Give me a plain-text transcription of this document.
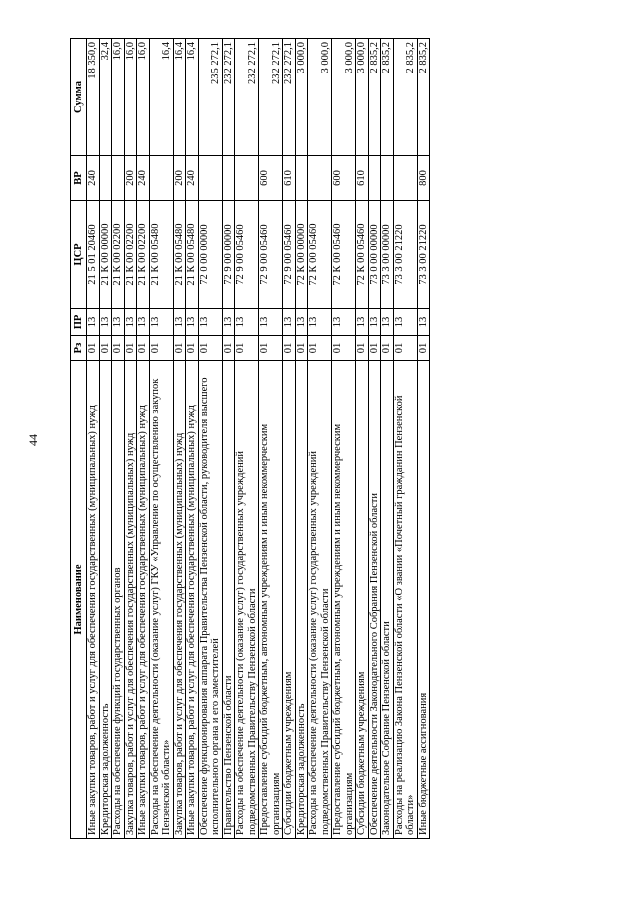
44
Наименование	Рз	ПР	ЦСР	ВР	Сумма
Иные закупки товаров, работ и услуг для обеспечения государственных (муниципальных) нужд	01	13	21 5 01 20460	240	18 350,0
Кредиторская задолженность	01	13	21 К 00 00000		32,4
Расходы на обеспечение функций государственных органов	01	13	21 К 00 02200		16,0
Закупка товаров, работ и услуг для обеспечения государственных (муниципальных) нужд	01	13	21 К 00 02200	200	16,0
Иные закупки товаров, работ и услуг для обеспечения государственных (муниципальных) нужд	01	13	21 К 00 02200	240	16,0
Расходы на обеспечение деятельности (оказание услуг) ГКУ «Управление по осуществлению закупок Пензенской области»	01	13	21 К 00 05480		16,4
Закупка товаров, работ и услуг для обеспечения государственных (муниципальных) нужд	01	13	21 К 00 05480	200	16,4
Иные закупки товаров, работ и услуг для обеспечения государственных (муниципальных) нужд	01	13	21 К 00 05480	240	16,4
Обеспечение функционирования аппарата Правительства Пензенской области, руководителя высшего исполнительного органа и его заместителей	01	13	72 0 00 00000		235 272,1
Правительство Пензенской области	01	13	72 9 00 00000		232 272,1
Расходы на обеспечение деятельности (оказание услуг) государственных учреждений подведомственных Правительству Пензенской области	01	13	72 9 00 05460		232 272,1
Предоставление субсидий бюджетным, автономным учреждениям и иным некоммерческим организациям	01	13	72 9 00 05460	600	232 272,1
Субсидии бюджетным учреждениям	01	13	72 9 00 05460	610	232 272,1
Кредиторская задолженность	01	13	72 К 00 00000		3 000,0
Расходы на обеспечение деятельности (оказание услуг) государственных учреждений подведомственных Правительству Пензенской области	01	13	72 К 00 05460		3 000,0
Предоставление субсидий бюджетным, автономным учреждениям и иным некоммерческим организациям	01	13	72 К 00 05460	600	3 000,0
Субсидии бюджетным учреждениям	01	13	72 К 00 05460	610	3 000,0
Обеспечение деятельности Законодательного Собрания Пензенской области	01	13	73 0 00 00000		2 835,2
Законодательное Собрание Пензенской области	01	13	73 3 00 00000		2 835,2
Расходы на реализацию Закона Пензенской области «О звании «Почетный гражданин Пензенской области»	01	13	73 3 00 21220		2 835,2
Иные бюджетные ассигнования	01	13	73 3 00 21220	800	2 835,2
